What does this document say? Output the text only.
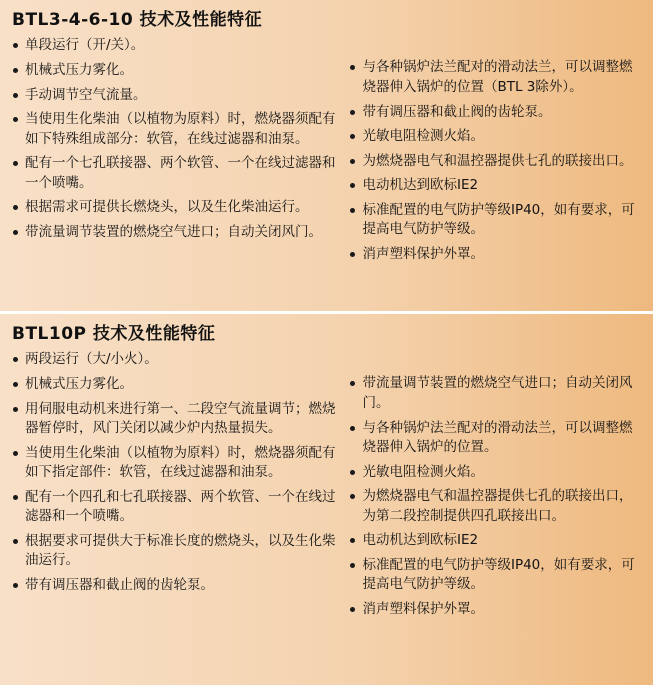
BTL3-4-6-10 技术及性能特征
单段运行（开/关）。
机械式压力雾化。
手动调节空气流量。
当使用生化柴油（以植物为原料）时，燃烧器须配有如下特殊组成部分：软管，在线过滤器和油泵。
配有一个七孔联接器、两个软管、一个在线过滤器和一个喷嘴。
根据需求可提供长燃烧头，以及生化柴油运行。
带流量调节装置的燃烧空气进口；自动关闭风门。
与各种锅炉法兰配对的滑动法兰，可以调整燃烧器伸入锅炉的位置（BTL 3除外）。
带有调压器和截止阀的齿轮泵。
光敏电阻检测火焰。
为燃烧器电气和温控器提供七孔的联接出口。
电动机达到欧标IE2
标准配置的电气防护等级IP40，如有要求，可提高电气防护等级。
消声塑料保护外罩。
BTL10P 技术及性能特征
两段运行（大/小火）。
机械式压力雾化。
用伺服电动机来进行第一、二段空气流量调节；燃烧器暂停时，风门关闭以减少炉内热量损失。
当使用生化柴油（以植物为原料）时，燃烧器须配有如下指定部件：软管，在线过滤器和油泵。
配有一个四孔和七孔联接器、两个软管、一个在线过滤器和一个喷嘴。
根据要求可提供大于标准长度的燃烧头，以及生化柴油运行。
带有调压器和截止阀的齿轮泵。
带流量调节装置的燃烧空气进口；自动关闭风门。
与各种锅炉法兰配对的滑动法兰，可以调整燃烧器伸入锅炉的位置。
光敏电阻检测火焰。
为燃烧器电气和温控器提供七孔的联接出口，为第二段控制提供四孔联接出口。
电动机达到欧标IE2
标准配置的电气防护等级IP40，如有要求，可提高电气防护等级。
消声塑料保护外罩。
